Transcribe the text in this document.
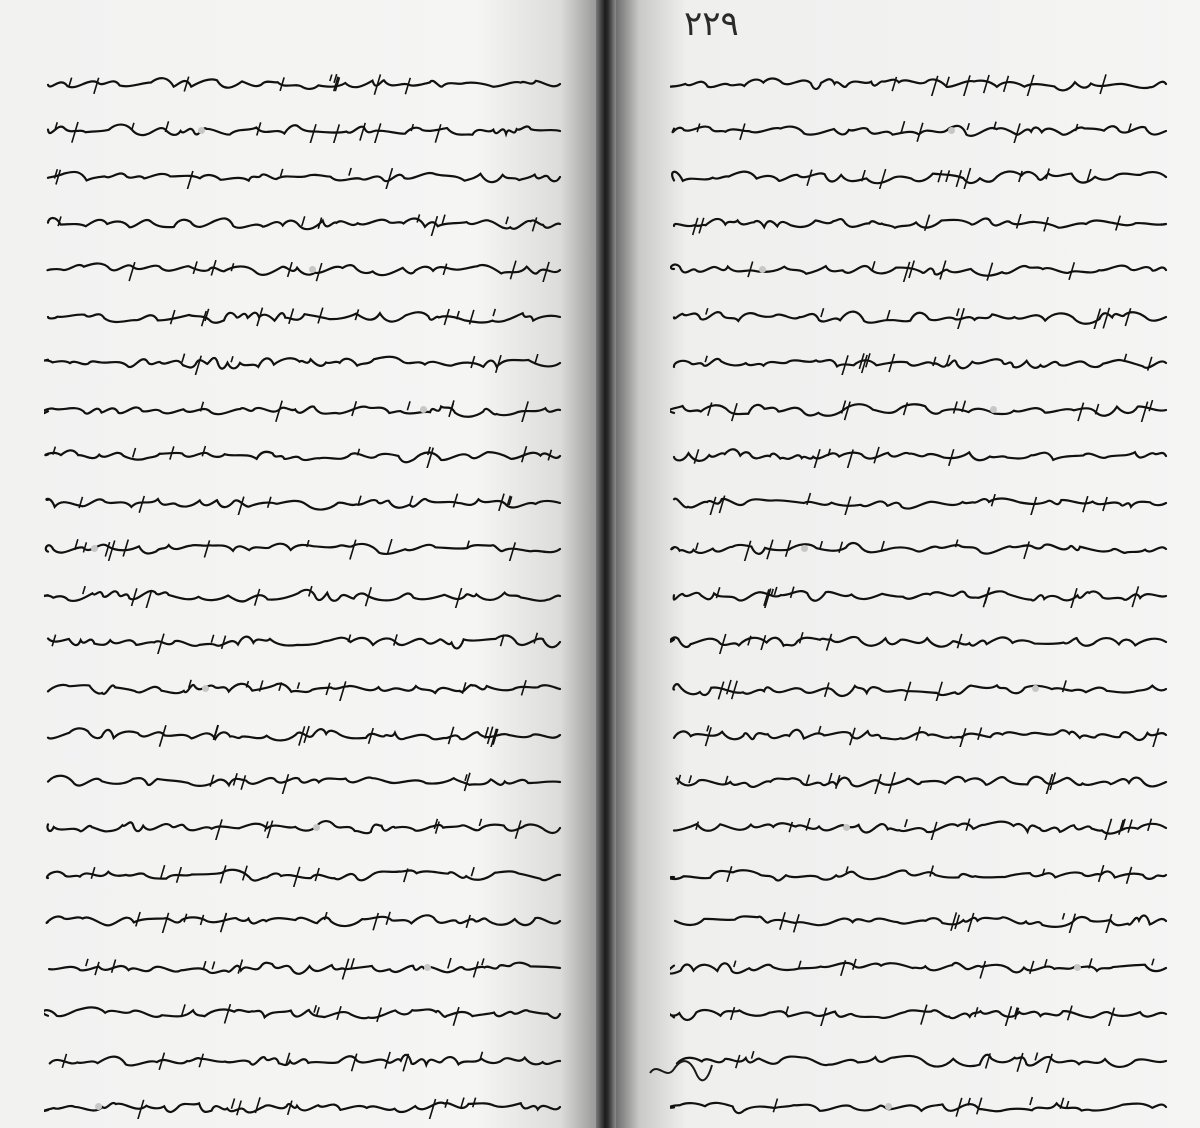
۲۲۹
